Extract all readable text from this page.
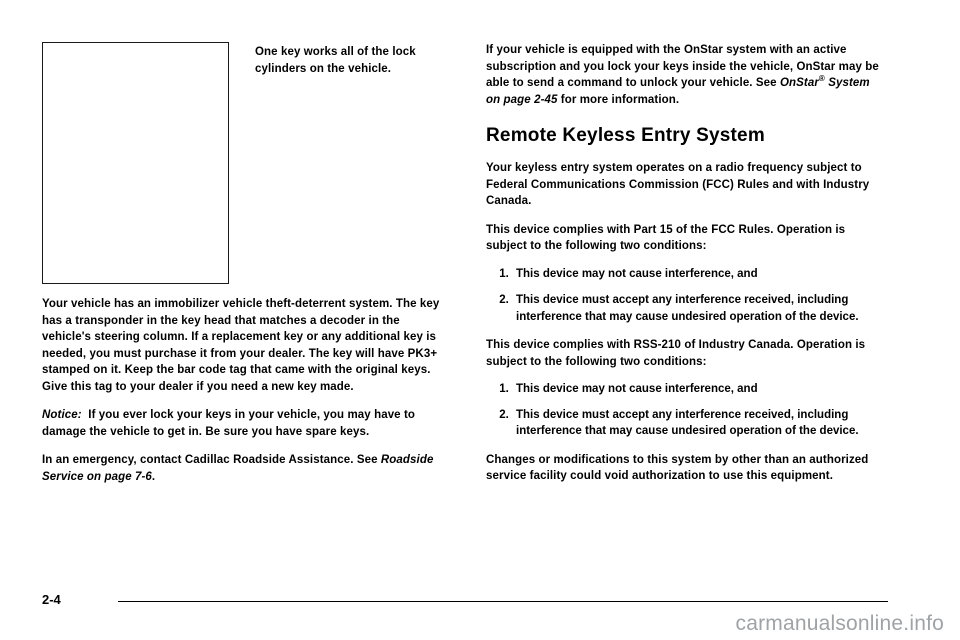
One key works all of the lock cylinders on the vehicle.

Your vehicle has an immobilizer vehicle theft-deterrent system. The key has a transponder in the key head that matches a decoder in the vehicle's steering column. If a replacement key or any additional key is needed, you must purchase it from your dealer. The key will have PK3+ stamped on it. Keep the bar code tag that came with the original keys. Give this tag to your dealer if you need a new key made.

Notice: If you ever lock your keys in your vehicle, you may have to damage the vehicle to get in. Be sure you have spare keys.

In an emergency, contact Cadillac Roadside Assistance. See Roadside Service on page 7-6.

If your vehicle is equipped with the OnStar system with an active subscription and you lock your keys inside the vehicle, OnStar may be able to send a command to unlock your vehicle. See OnStar® System on page 2-45 for more information.

Remote Keyless Entry System

Your keyless entry system operates on a radio frequency subject to Federal Communications Commission (FCC) Rules and with Industry Canada.

This device complies with Part 15 of the FCC Rules. Operation is subject to the following two conditions:

1. This device may not cause interference, and
2. This device must accept any interference received, including interference that may cause undesired operation of the device.

This device complies with RSS-210 of Industry Canada. Operation is subject to the following two conditions:

1. This device may not cause interference, and
2. This device must accept any interference received, including interference that may cause undesired operation of the device.

Changes or modifications to this system by other than an authorized service facility could void authorization to use this equipment.

2-4
carmanualsonline.info
